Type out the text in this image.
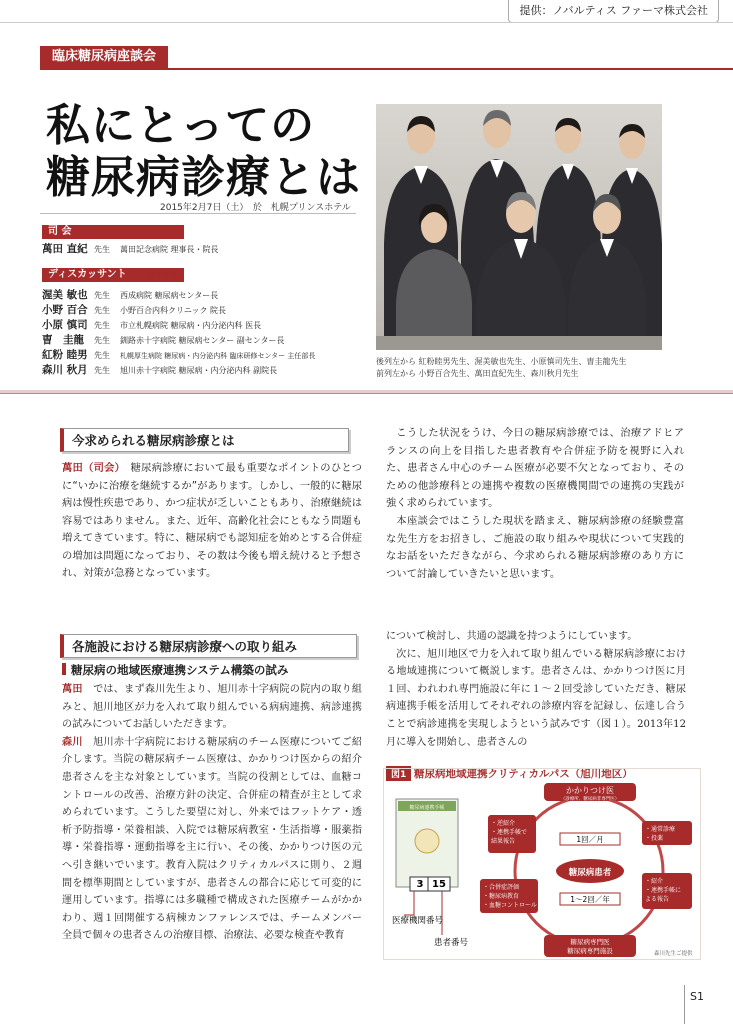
提供：ノバルティス ファーマ株式会社
臨床糖尿病座談会
私にとっての
糖尿病診療とは
2015年2月7日（土）　於　札幌プリンスホテル
司 会
萬田 直紀 先生 萬田記念病院 理事長・院長
ディスカッサント	五十音順
渥美 敏也 先生 西成病院 糖尿病センター長
小野 百合 先生 小野百合内科クリニック 院長
小原 慎司 先生 市立札幌病院 糖尿病・内分泌内科 医長
曺　圭龍 先生 釧路赤十字病院 糖尿病センター 副センター長
紅粉 睦男 先生 札幌厚生病院 糖尿病・内分泌内科 臨床研修センター 主任部長
森川 秋月 先生 旭川赤十字病院 糖尿病・内分泌内科 副院長
後列左から 紅粉睦男先生、渥美敏也先生、小原慎司先生、曺圭龍先生
前列左から 小野百合先生、萬田直紀先生、森川秋月先生
今求められる糖尿病診療とは
萬田（司会）　 糖尿病診療において最も重要なポイントのひとつに“いかに治療を継続するか”があります。しかし、一般的に糖尿病は慢性疾患であり、かつ症状が乏しいこともあり、治療継続は容易ではありません。また、近年、高齢化社会にともなう問題も増えてきています。特に、糖尿病でも認知症を始めとする合併症の増加は問題になっており、その数は今後も増え続けると予想され、対策が急務となっています。
こうした状況をうけ、今日の糖尿病診療では、治療アドヒアランスの向上を目指した患者教育や合併症予防を視野に入れた、患者さん中心のチーム医療が必要不欠となっており、そのための他診療科との連携や複数の医療機関間での連携の実践が強く求められています。
本座談会ではこうした現状を踏まえ、糖尿病診療の経験豊富な先生方をお招きし、ご施設の取り組みや現状について実践的なお話をいただきながら、今求められる糖尿病診療のあり方について討論していきたいと思います。
各施設における糖尿病診療への取り組み
糖尿病の地域医療連携システム構築の試み
萬田　 では、まず森川先生より、旭川赤十字病院の院内の取り組みと、旭川地区が力を入れて取り組んでいる病病連携、病診連携の試みについてお話しいただきます。
森川　 旭川赤十字病院における糖尿病のチーム医療についてご紹介します。当院の糖尿病チーム医療は、かかりつけ医からの紹介患者さんを主な対象としています。当院の役割としては、血糖コントロールの改善、治療方針の決定、合併症の精査が主として求められています。こうした要望に対し、外来ではフットケア・透析予防指導・栄養相談、入院では糖尿病教室・生活指導・服薬指導・栄養指導・運動指導を主に行い、その後、かかりつけ医の元へ引き継いでいます。教育入院はクリティカルパスに則り、２週間を標準期間としていますが、患者さんの都合に応じて可変的に運用しています。指導には多職種で構成された医療チームがかかわり、週１回開催する病棟カンファレンスでは、チームメンバー全員で個々の患者さんの治療目標、治療法、必要な検査や教育
について検討し、共通の認識を持つようにしています。
次に、旭川地区で力を入れて取り組んでいる糖尿病診療における地域連携について概説します。患者さんは、かかりつけ医に月１回、われわれ専門施設に年に１〜２回受診していただき、糖尿病連携手帳を活用してそれぞれの診療内容を記録し、伝達し合うことで病診連携を実現しようという試みです（図１）。2013年12月に導入を開始し、患者さんの
図1 糖尿病地域連携クリティカルパス（旭川地区）
糖尿病連携手帳
3 15
医療機関番号
患者番号
かかりつけ医
（診療所、糖尿病非専門医）
1回／月
糖尿病患者
1〜2回／年
糖尿病専門医
糖尿病専門施設
・逆紹介 ・連携手帳で 結果報告
・合併症評価 ・糖尿病教育 ・血糖コントロール
・通常診療 ・投薬
・紹介 ・連携手帳に よる報告
森川先生ご提供
S1
